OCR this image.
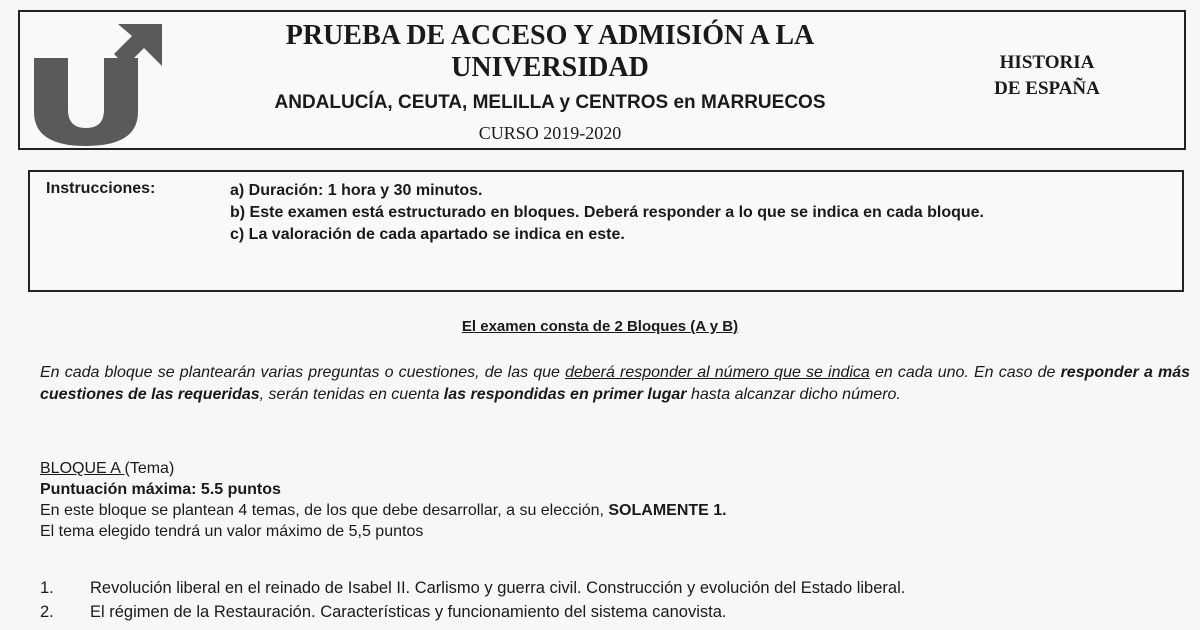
PRUEBA DE ACCESO Y ADMISIÓN A LA
UNIVERSIDAD
ANDALUCÍA, CEUTA, MELILLA y CENTROS en MARRUECOS
CURSO 2019-2020
HISTORIA
DE ESPAÑA
Instrucciones:	a) Duración: 1 hora y 30 minutos.
b) Este examen está estructurado en bloques. Deberá responder a lo que se indica en cada bloque.
c) La valoración de cada apartado se indica en este.
El examen consta de 2 Bloques (A y B)
En cada bloque se plantearán varias preguntas o cuestiones, de las que deberá responder al número que se indica en cada uno. En caso de responder a más cuestiones de las requeridas, serán tenidas en cuenta las respondidas en primer lugar hasta alcanzar dicho número.
BLOQUE A (Tema)
Puntuación máxima: 5.5 puntos
En este bloque se plantean 4 temas, de los que debe desarrollar, a su elección, SOLAMENTE 1.
El tema elegido tendrá un valor máximo de 5,5 puntos
1.	Revolución liberal en el reinado de Isabel II. Carlismo y guerra civil. Construcción y evolución del Estado liberal.
2.	El régimen de la Restauración. Características y funcionamiento del sistema canovista.
